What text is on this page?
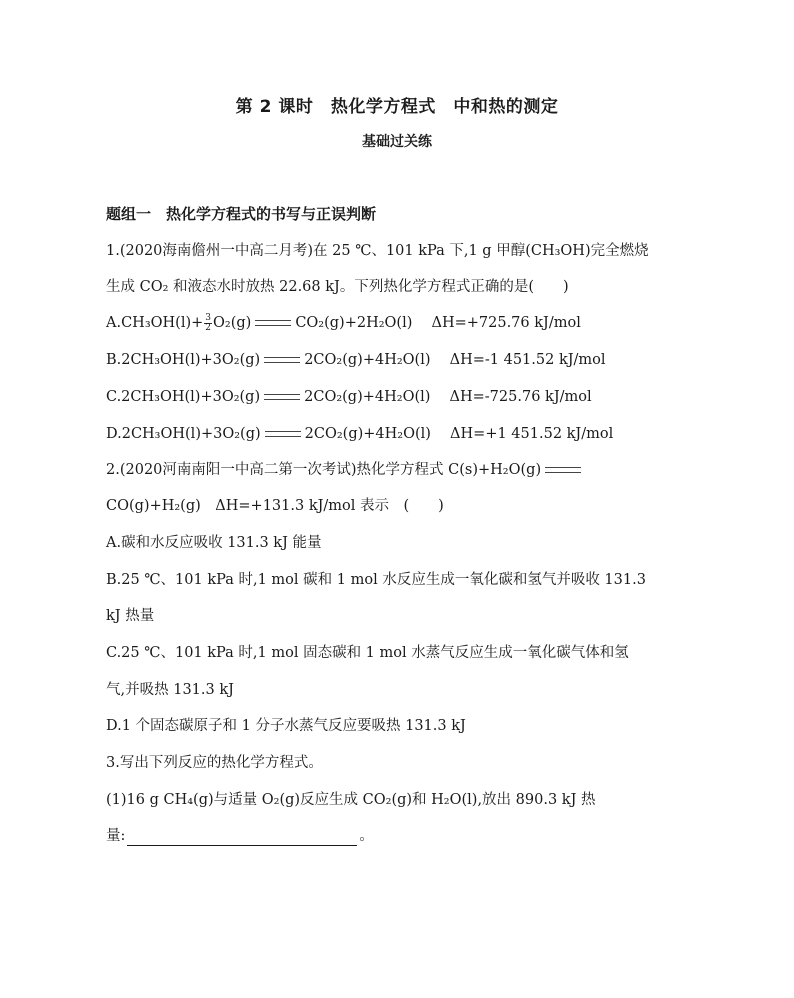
第 2 课时　热化学方程式　中和热的测定
基础过关练
题组一　热化学方程式的书写与正误判断
1.(2020海南儋州一中高二月考)在 25 ℃、101 kPa 下,1 g 甲醇(CH₃OH)完全燃烧
生成 CO₂ 和液态水时放热 22.68 kJ。下列热化学方程式正确的是(　　)
$A.CH_3OH(l)+ \frac{3}{2} O_2(g)$	CO₂(g)+2H₂O(l)　 ΔH=+725.76 kJ/mol
B.2CH₃OH(l)+3O₂(g)	2CO₂(g)+4H₂O(l)　 ΔH=-1 451.52 kJ/mol
C.2CH₃OH(l)+3O₂(g)	2CO₂(g)+4H₂O(l)　 ΔH=-725.76 kJ/mol
D.2CH₃OH(l)+3O₂(g)	2CO₂(g)+4H₂O(l)　 ΔH=+1 451.52 kJ/mol
2.(2020河南南阳一中高二第一次考试)热化学方程式 C(s)+H₂O(g)
CO(g)+H₂(g)　ΔH=+131.3 kJ/mol 表示　(　　)
A.碳和水反应吸收 131.3 kJ 能量
B.25 ℃、101 kPa 时,1 mol 碳和 1 mol 水反应生成一氧化碳和氢气并吸收 131.3
kJ 热量
C.25 ℃、101 kPa 时,1 mol 固态碳和 1 mol 水蒸气反应生成一氧化碳气体和氢
气,并吸热 131.3 kJ
D.1 个固态碳原子和 1 分子水蒸气反应要吸热 131.3 kJ
3.写出下列反应的热化学方程式。
(1)16 g CH₄(g)与适量 O₂(g)反应生成 CO₂(g)和 H₂O(l),放出 890.3 kJ 热
量:	。
